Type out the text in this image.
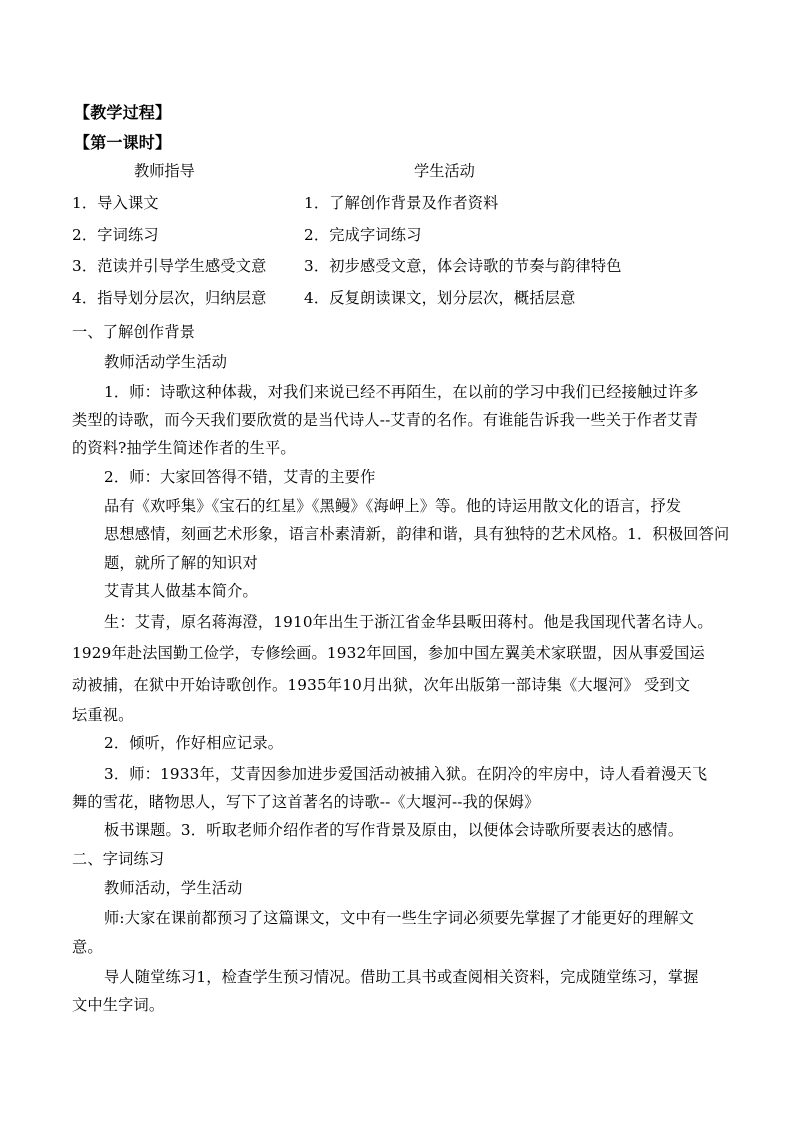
【教学过程】
【第一课时】
教师指导	学生活动
1．导入课文	1．了解创作背景及作者资料
2．字词练习	2．完成字词练习
3．范读并引导学生感受文意 3．初步感受文意，体会诗歌的节奏与韵律特色
4．指导划分层次，归纳层意 4．反复朗读课文，划分层次，概括层意
一、了解创作背景
教师活动学生活动
1．师：诗歌这种体裁，对我们来说已经不再陌生，在以前的学习中我们已经接触过许多
类型的诗歌，而今天我们要欣赏的是当代诗人--艾青的名作。有谁能告诉我一些关于作者艾青
的资料?抽学生简述作者的生平。
2．师：大家回答得不错，艾青的主要作
品有《欢呼集》《宝石的红星》《黑鳗》《海岬上》等。他的诗运用散文化的语言，抒发
思想感情，刻画艺术形象，语言朴素清新，韵律和谐，具有独特的艺术风格。1．积极回答问
题，就所了解的知识对
艾青其人做基本简介。
生：艾青，原名蒋海澄，1910年出生于浙江省金华县畈田蒋村。他是我国现代著名诗人。
1929年赴法国勤工俭学，专修绘画。1932年回国，参加中国左翼美术家联盟，因从事爱国运
动被捕，在狱中开始诗歌创作。1935年10月出狱，次年出版第一部诗集《大堰河》 受到文
坛重视。
2．倾听，作好相应记录。
3．师：1933年，艾青因参加进步爱国活动被捕入狱。在阴冷的牢房中，诗人看着漫天飞
舞的雪花，睹物思人，写下了这首著名的诗歌--《大堰河--我的保姆》
板书课题。3．听取老师介绍作者的写作背景及原由，以便体会诗歌所要表达的感情。
二、字词练习
教师活动，学生活动
师:大家在课前都预习了这篇课文，文中有一些生字词必须要先掌握了才能更好的理解文
意。
导人随堂练习1，检查学生预习情况。借助工具书或查阅相关资料，完成随堂练习，掌握
文中生字词。
